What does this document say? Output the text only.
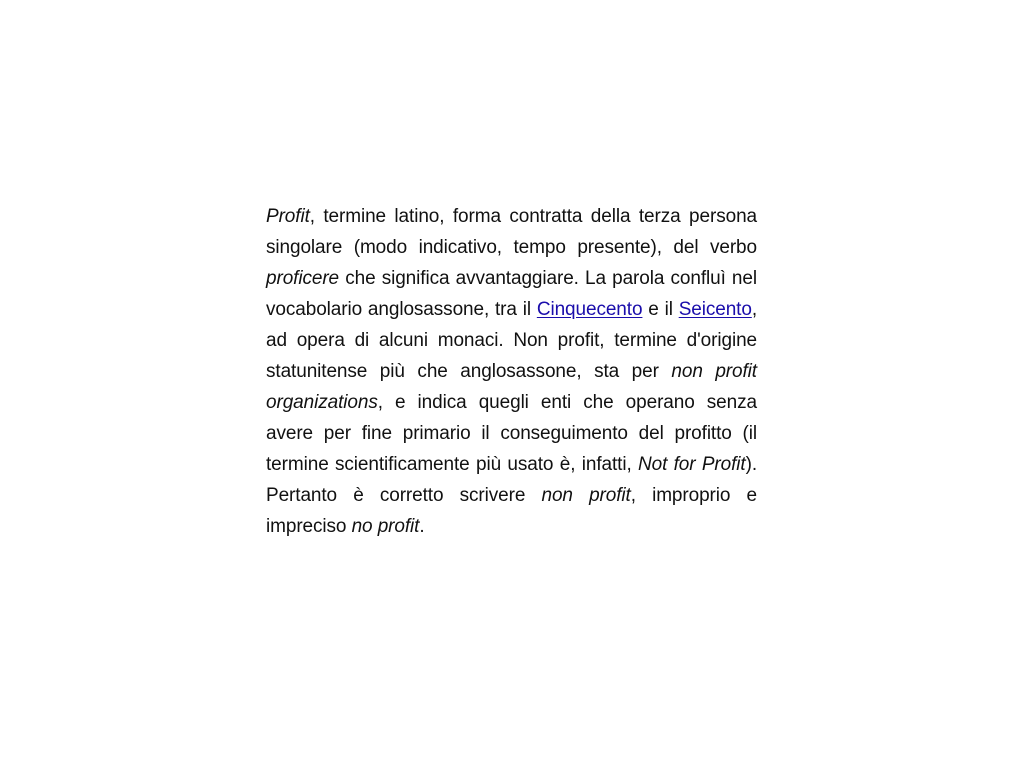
Profit, termine latino, forma contratta della terza persona singolare (modo indicativo, tempo presente), del verbo proficere che significa avvantaggiare. La parola confluì nel vocabolario anglosassone, tra il Cinquecento e il Seicento, ad opera di alcuni monaci. Non profit, termine d'origine statunitense più che anglosassone, sta per non profit organizations, e indica quegli enti che operano senza avere per fine primario il conseguimento del profitto (il termine scientificamente più usato è, infatti, Not for Profit). Pertanto è corretto scrivere non profit, improprio e impreciso no profit.
